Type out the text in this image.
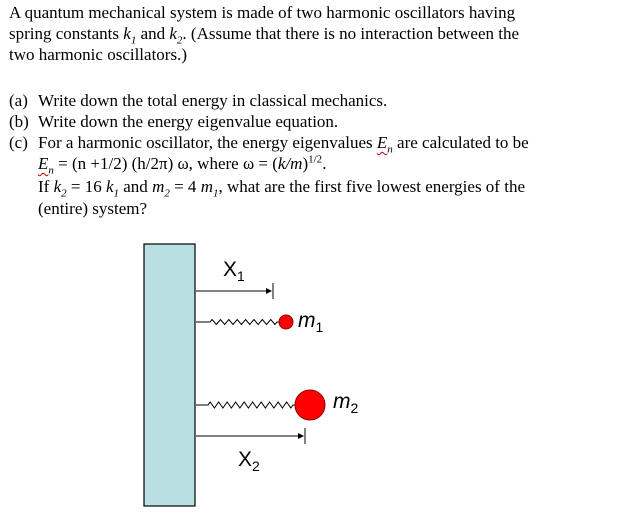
A quantum mechanical system is made of two harmonic oscillators having
spring constants $k_1$ and $k_2$. (Assume that there is no interaction between the
two harmonic oscillators.)
(a) Write down the total energy in classical mechanics.
(b) Write down the energy eigenvalue equation.
(c) For a harmonic oscillator, the energy eigenvalues $E_n$ are calculated to be
$E_n = (n +1/2)$ (h/2π) ω, where $\omega = (k/m)^{1/2}$.
If $k_2 = 16$ $k_1$ and $m_2 = 4$ $m_1$, what are the first five lowest energies of the
(entire) system?
$X_1$
$m_1$
$m_2$
$X_2$
